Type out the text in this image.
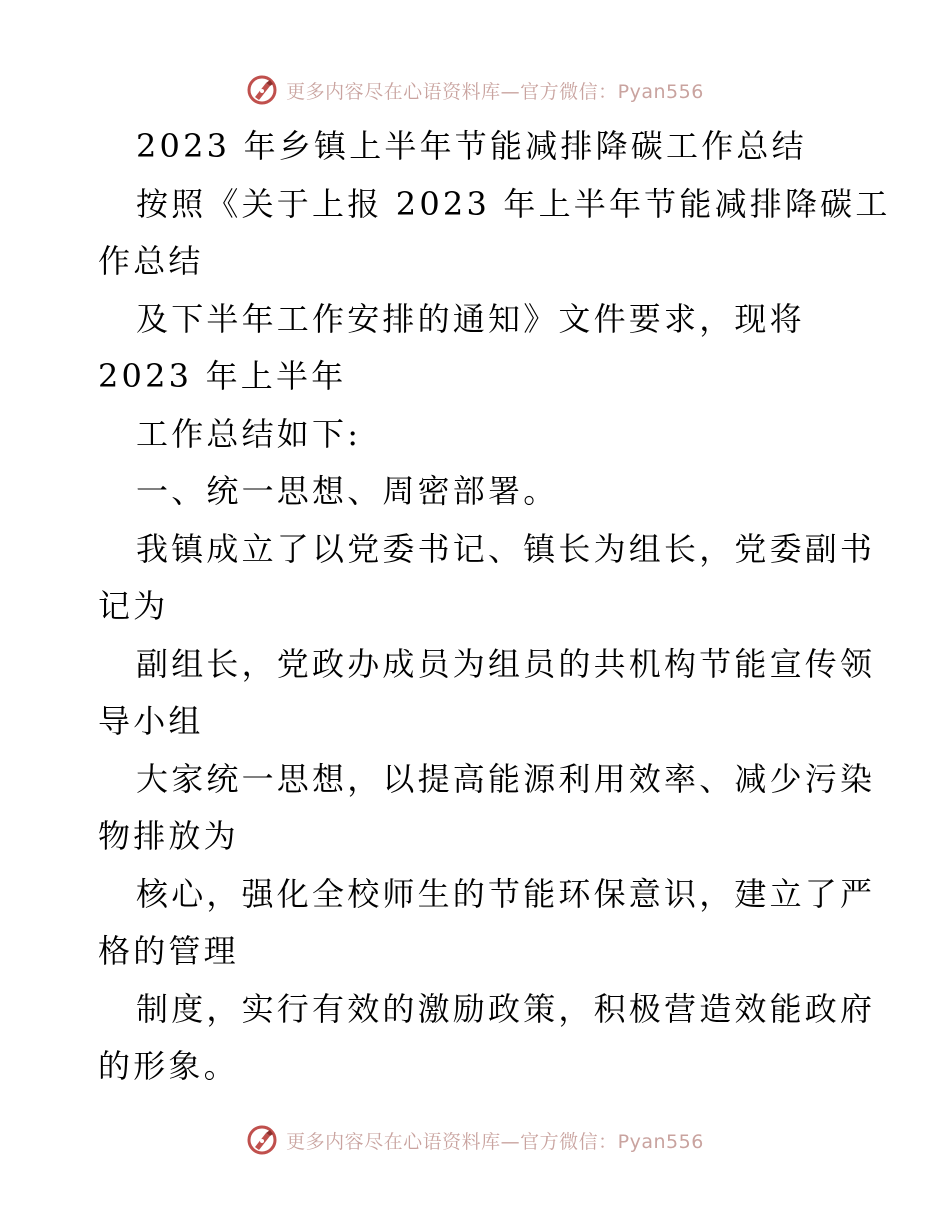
更多内容尽在心语资料库—官方微信：Pyan556
2023 年乡镇上半年节能减排降碳工作总结
按照《关于上报 2023 年上半年节能减排降碳工
作总结
及下半年工作安排的通知》文件要求，现将
2023 年上半年
工作总结如下:
一、统一思想、周密部署。
我镇成立了以党委书记、镇长为组长，党委副书
记为
副组长，党政办成员为组员的共机构节能宣传领
导小组
大家统一思想，以提高能源利用效率、减少污染
物排放为
核心，强化全校师生的节能环保意识，建立了严
格的管理
制度，实行有效的激励政策，积极营造效能政府
的形象。
更多内容尽在心语资料库—官方微信：Pyan556
